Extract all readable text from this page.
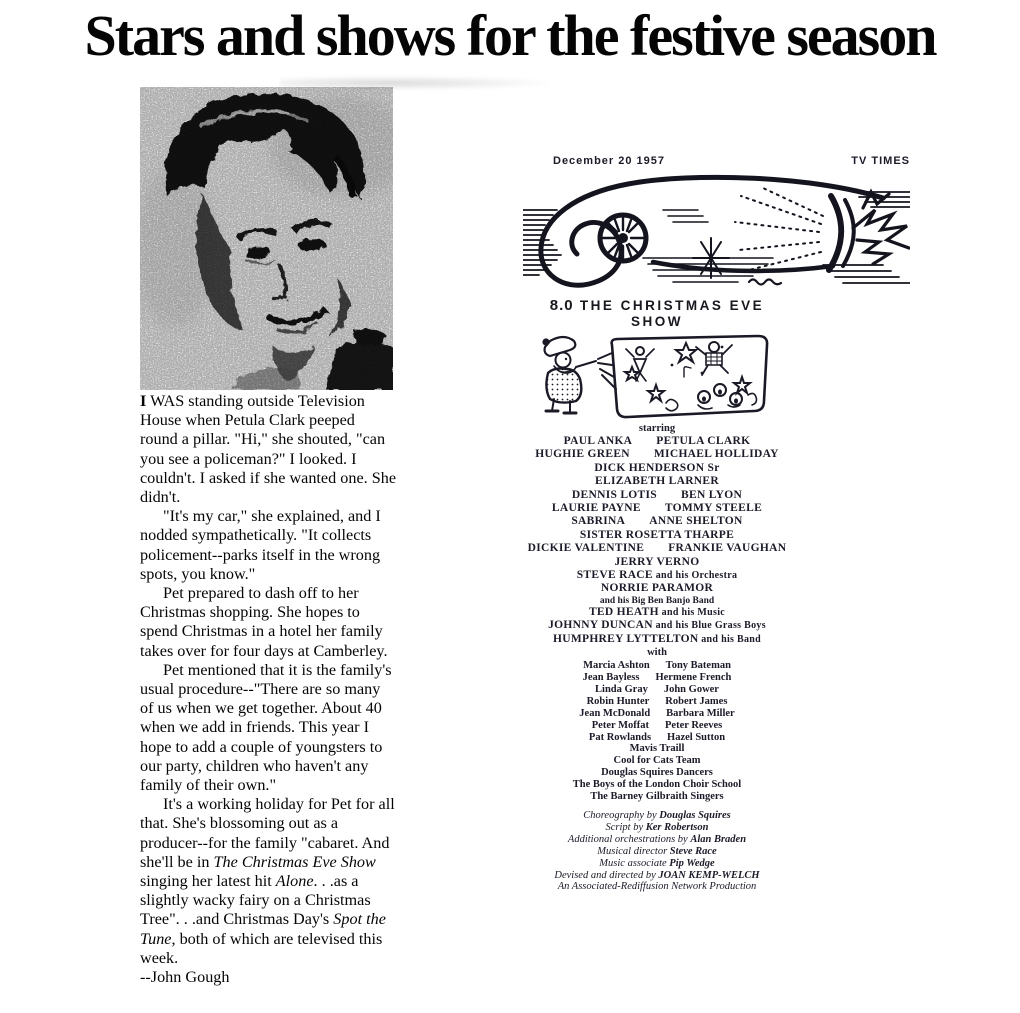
Stars and shows for the festive season

I WAS standing outside Television House when Petula Clark peeped round a pillar. "Hi," she shouted, "can you see a policeman?" I looked. I couldn't. I asked if she wanted one. She didn't.

"It's my car," she explained, and I nodded sympathetically. "It collects policement--parks itself in the wrong spots, you know."

Pet prepared to dash off to her Christmas shopping. She hopes to spend Christmas in a hotel her family takes over for four days at Camberley.

Pet mentioned that it is the family's usual procedure--"There are so many of us when we get together. About 40 when we add in friends. This year I hope to add a couple of youngsters to our party, children who haven't any family of their own."

It's a working holiday for Pet for all that. She's blossoming out as a producer--for the family "cabaret. And she'll be in The Christmas Eve Show singing her latest hit Alone. . .as a slightly wacky fairy on a Christmas Tree". . .and Christmas Day's Spot the Tune, both of which are televised this week.

--John Gough

December 20 1957	TV TIMES
8.0 THE CHRISTMAS EVE
SHOW
starring
PAUL ANKA PETULA CLARK
HUGHIE GREEN MICHAEL HOLLIDAY
DICK HENDERSON Sr
ELIZABETH LARNER
DENNIS LOTIS BEN LYON
LAURIE PAYNE TOMMY STEELE
SABRINA ANNE SHELTON
SISTER ROSETTA THARPE
DICKIE VALENTINE FRANKIE VAUGHAN
JERRY VERNO
STEVE RACE and his Orchestra
NORRIE PARAMOR
and his Big Ben Banjo Band
TED HEATH and his Music
JOHNNY DUNCAN and his Blue Grass Boys
HUMPHREY LYTTELTON and his Band
with
Marcia Ashton Tony Bateman
Jean Bayless Hermene French
Linda Gray John Gower
Robin Hunter Robert James
Jean McDonald Barbara Miller
Peter Moffat Peter Reeves
Pat Rowlands Hazel Sutton
Mavis Traill
Cool for Cats Team
Douglas Squires Dancers
The Boys of the London Choir School
The Barney Gilbraith Singers
Choreography by Douglas Squires
Script by Ker Robertson
Additional orchestrations by Alan Braden
Musical director Steve Race
Music associate Pip Wedge
Devised and directed by JOAN KEMP-WELCH
An Associated-Rediffusion Network Production
